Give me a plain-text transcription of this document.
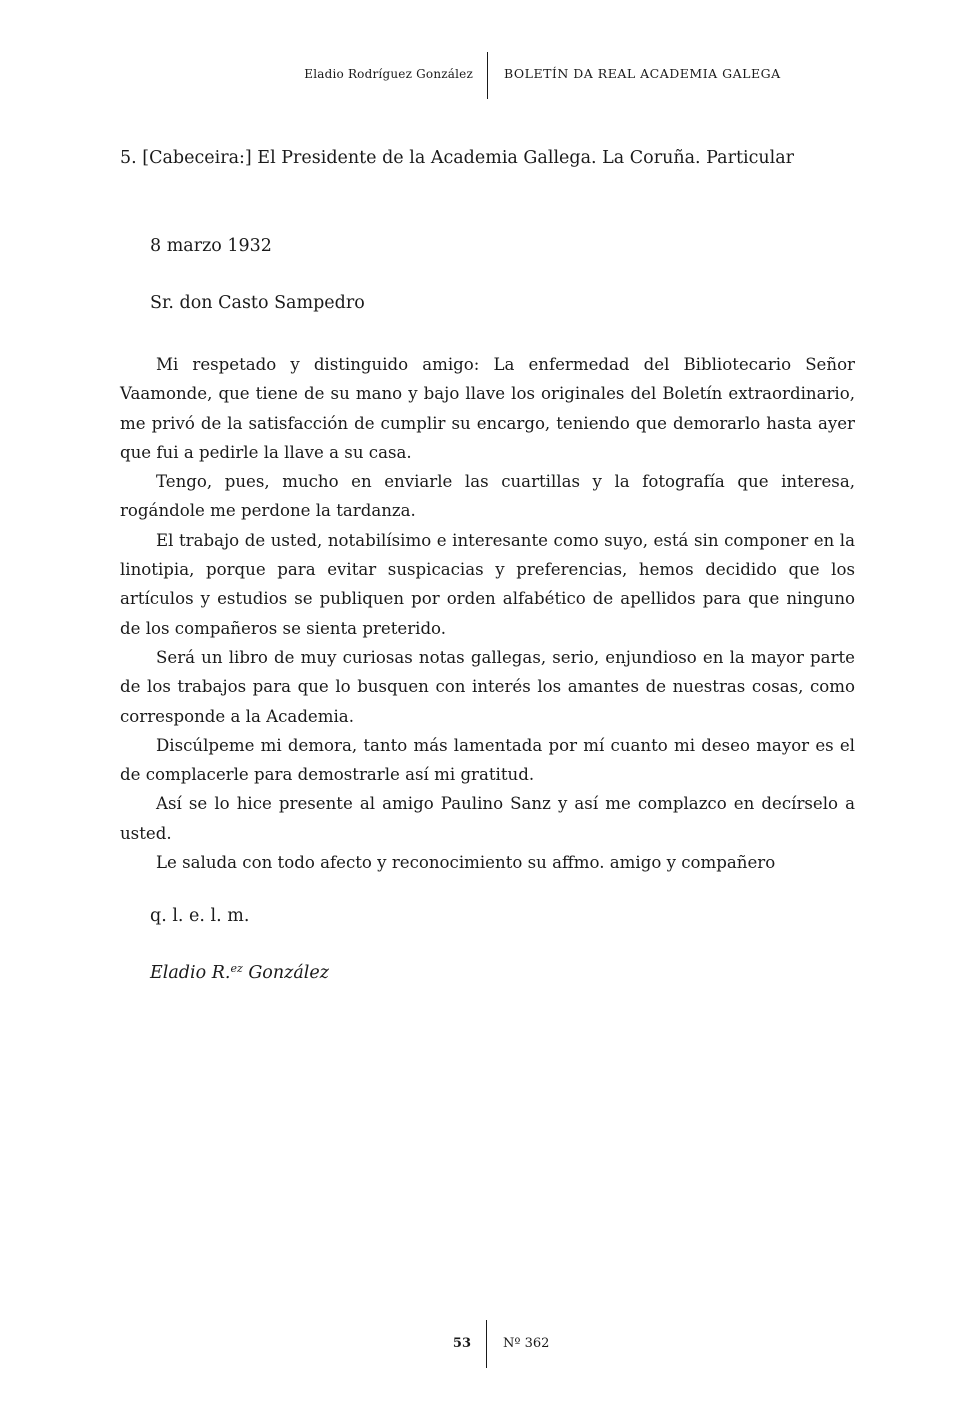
Eladio Rodríguez González BOLETÍN DA REAL ACADEMIA GALEGA
5. [Cabeceira:] El Presidente de la Academia Gallega. La Coruña. Particular
8 marzo 1932
Sr. don Casto Sampedro

Mi respetado y distinguido amigo: La enfermedad del Bibliotecario Señor Vaamonde, que tiene de su mano y bajo llave los originales del Boletín extraordinario, me privó de la satisfacción de cumplir su encargo, teniendo que demorarlo hasta ayer que fui a pedirle la llave a su casa.

Tengo, pues, mucho en enviarle las cuartillas y la fotografía que interesa, rogándole me perdone la tardanza.

El trabajo de usted, notabilísimo e interesante como suyo, está sin componer en la linotipia, porque para evitar suspicacias y preferencias, hemos decidido que los artículos y estudios se publiquen por orden alfabético de apellidos para que ninguno de los compañeros se sienta preterido.

Será un libro de muy curiosas notas gallegas, serio, enjundioso en la mayor parte de los trabajos para que lo busquen con interés los amantes de nuestras cosas, como corresponde a la Academia.

Discúlpeme mi demora, tanto más lamentada por mí cuanto mi deseo mayor es el de complacerle para demostrarle así mi gratitud.

Así se lo hice presente al amigo Paulino Sanz y así me complazco en decírselo a usted.

Le saluda con todo afecto y reconocimiento su affmo. amigo y compañero

q. l. e. l. m.
Eladio R.$^{ez}$ González
53 Nº 362
